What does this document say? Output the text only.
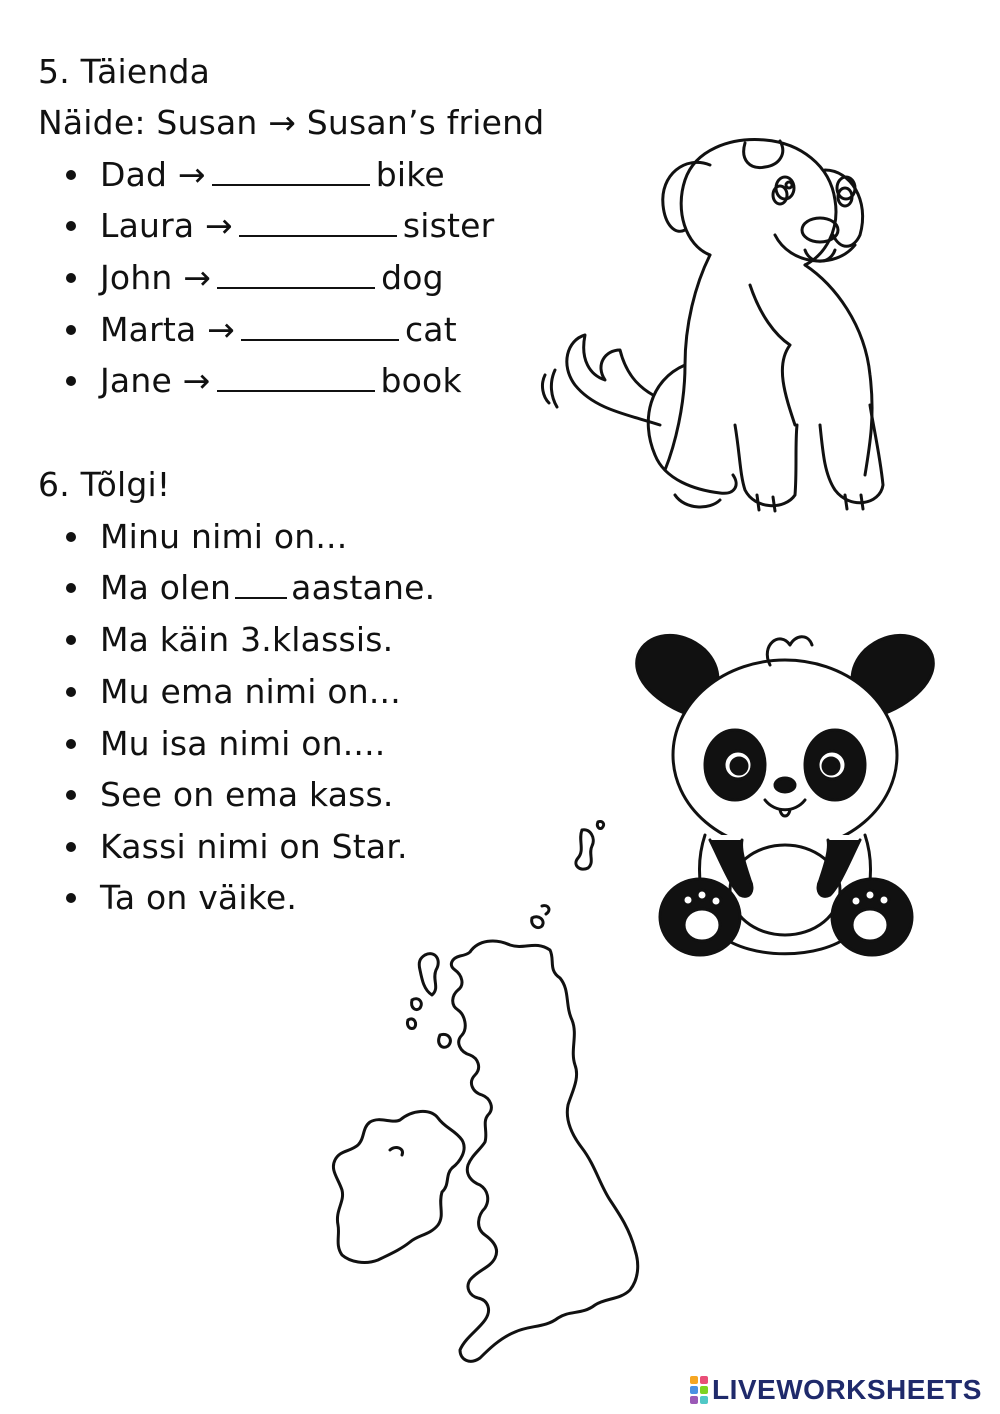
5. Täienda
Näide: Susan → Susan’s friend
Dad →	bike
Laura →	sister
John →	dog
Marta →	cat
Jane →	book
6. Tõlgi!
Minu nimi on...
Ma olen aastane.
Ma käin 3.klassis.
Mu ema nimi on...
Mu isa nimi on....
See on ema kass.
Kassi nimi on Star.
Ta on väike.
LIVEWORKSHEETS
